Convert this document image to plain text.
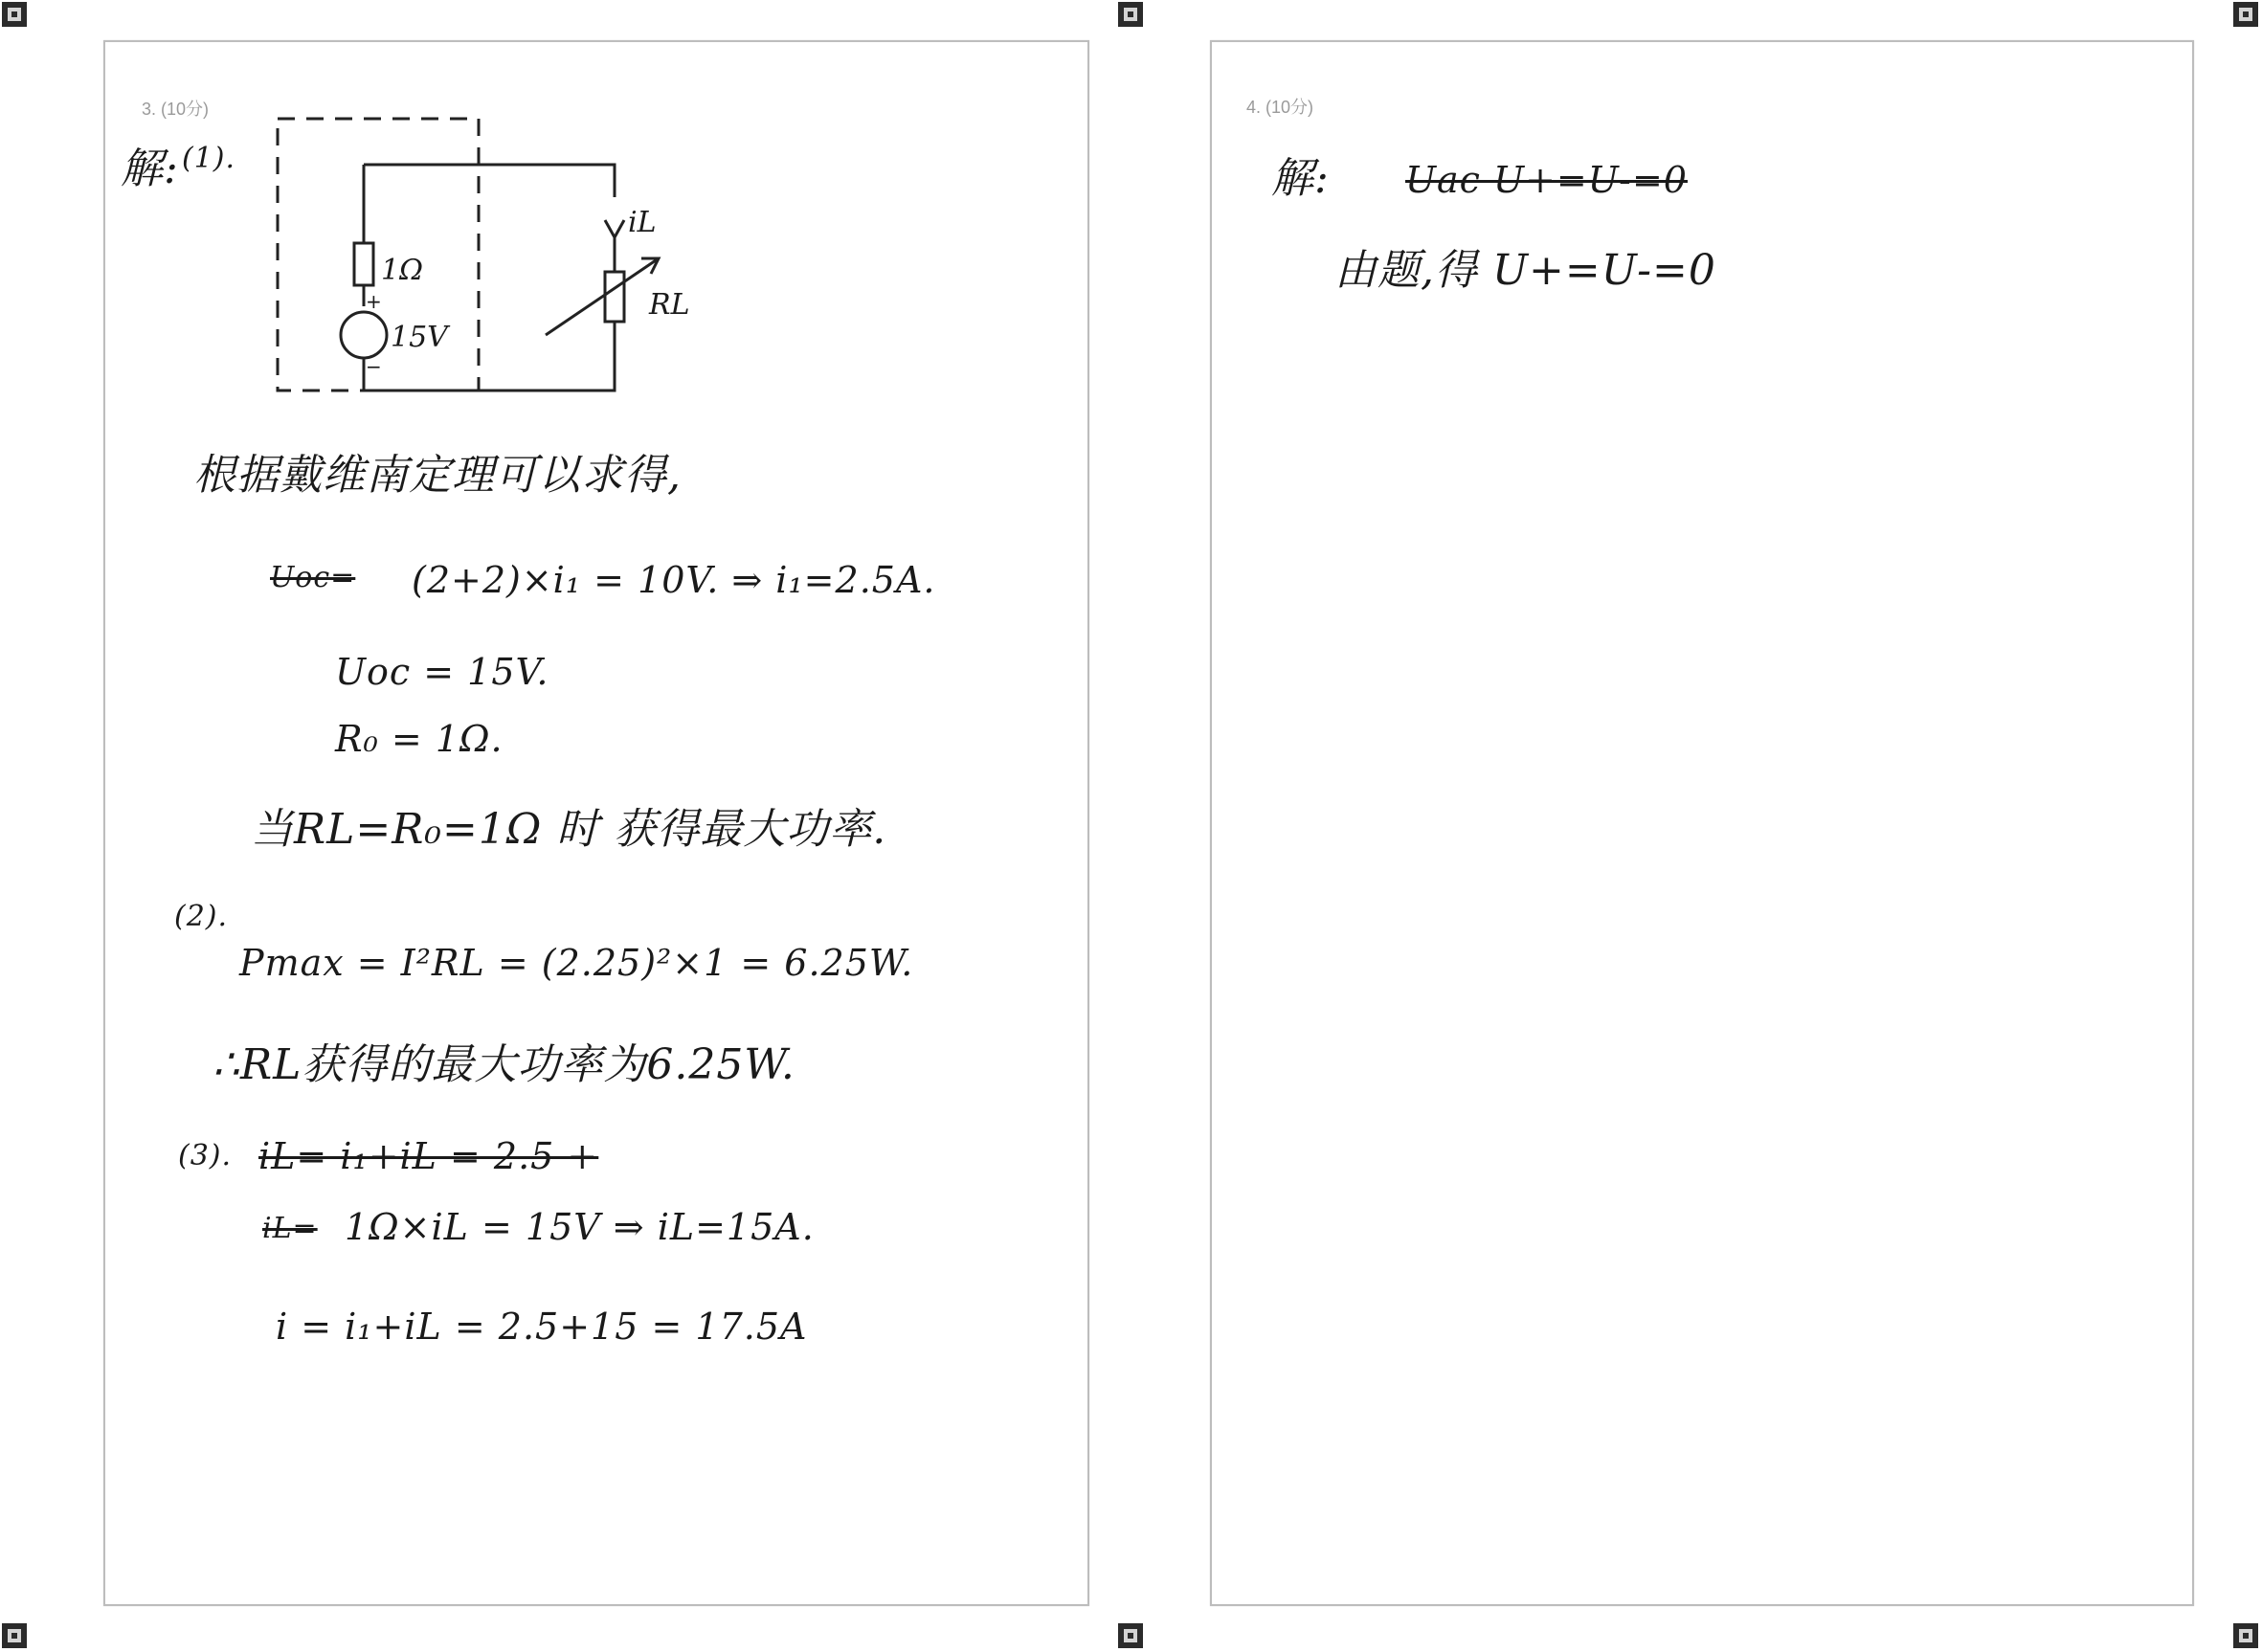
3. (10分)
解: (1).
1Ω
+
−
15V
iL
RL
根据戴维南定理可以求得,
Uoc= (2+2)×i₁ = 10V. ⇒ i₁=2.5A.
Uoc = 15V.
R₀ = 1Ω.
当RL=R₀=1Ω 时 获得最大功率.
(2).
Pmax = I²RL = (2.25)²×1 = 6.25W.
∴RL获得的最大功率为6.25W.
(3). iL= i₁+iL = 2.5 +
iL= 1Ω×iL = 15V ⇒ iL=15A.
i = i₁+iL = 2.5+15 = 17.5A
4. (10分)
解: Uac U+=U-=0
由题,得 U+=U-=0
